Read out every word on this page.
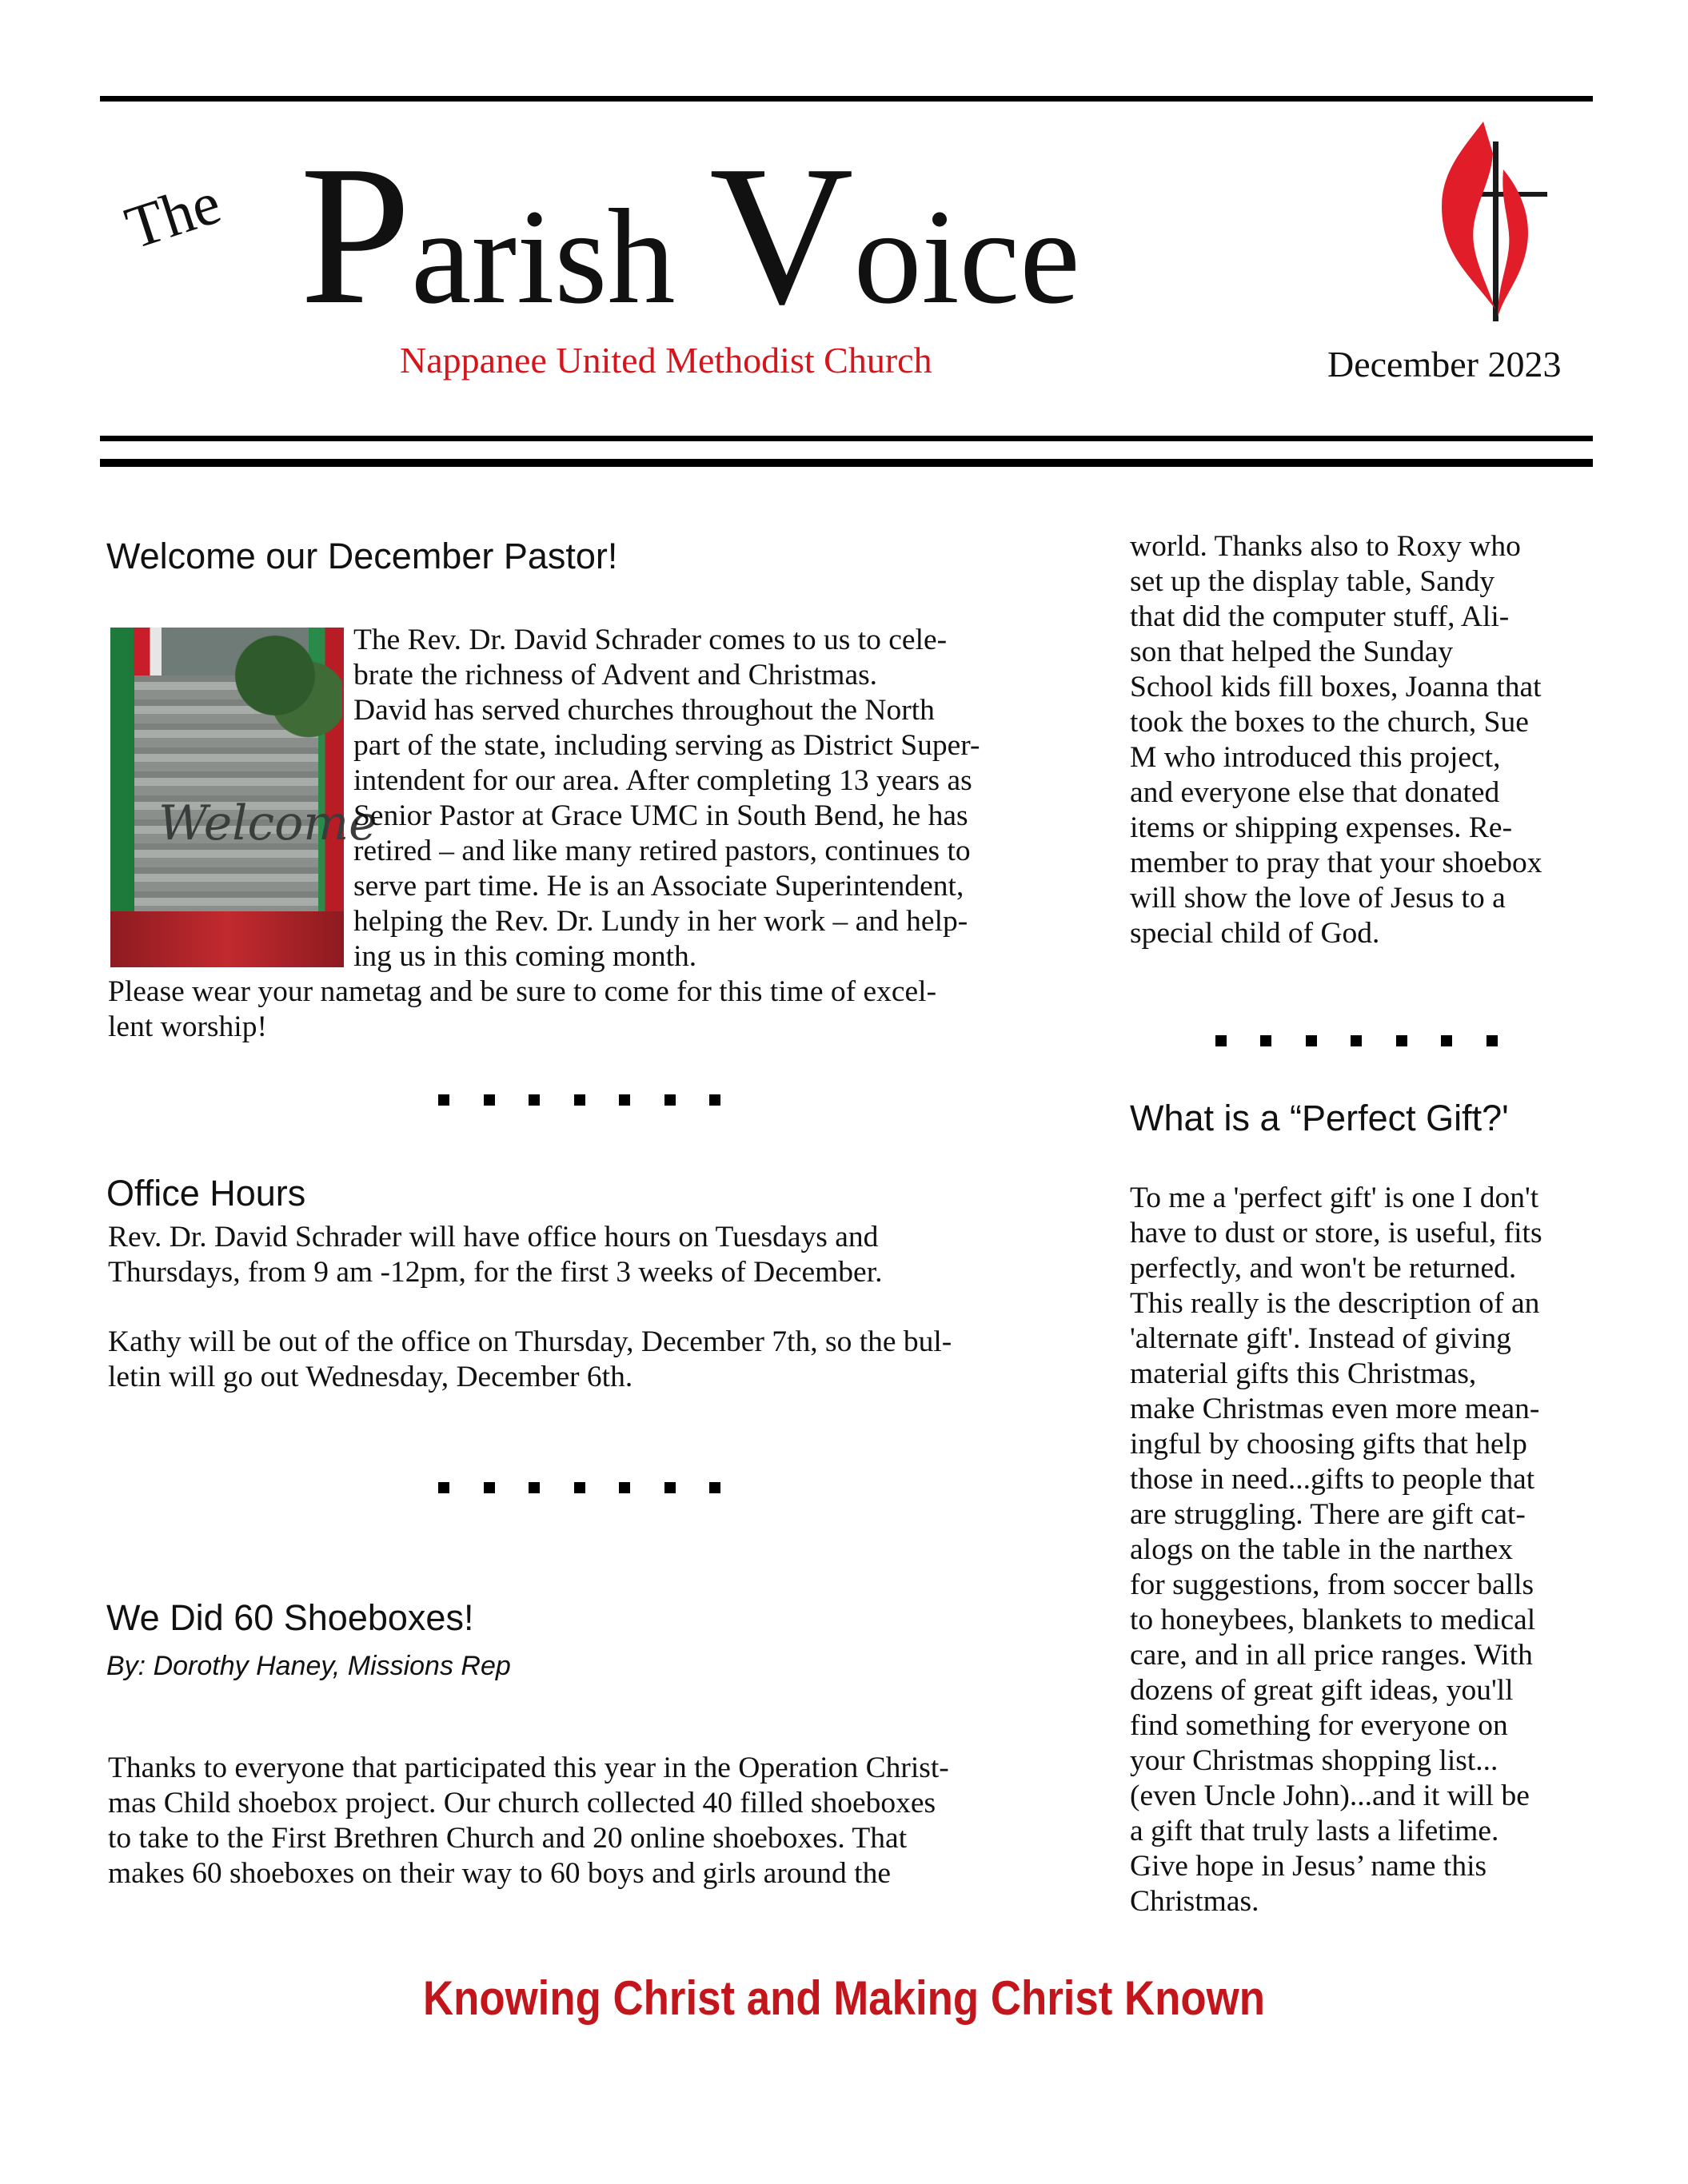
The Parish Voice
Nappanee United Methodist Church	December 2023
Welcome our December Pastor!
Welcome
The Rev. Dr. David Schrader comes to us to cele-
brate the richness of Advent and Christmas.
David has served churches throughout the North
part of the state, including serving as District Super-
intendent for our area. After completing 13 years as
Senior Pastor at Grace UMC in South Bend, he has
retired – and like many retired pastors, continues to
serve part time. He is an Associate Superintendent,
helping the Rev. Dr. Lundy in her work – and help-
ing us in this coming month.
Please wear your nametag and be sure to come for this time of excel-
lent worship!
Office Hours
Rev. Dr. David Schrader will have office hours on Tuesdays and
Thursdays, from 9 am -12pm, for the first 3 weeks of December.
Kathy will be out of the office on Thursday, December 7th, so the bul-
letin will go out Wednesday, December 6th.
We Did 60 Shoeboxes!
By: Dorothy Haney, Missions Rep
Thanks to everyone that participated this year in the Operation Christ-
mas Child shoebox project. Our church collected 40 filled shoeboxes
to take to the First Brethren Church and 20 online shoeboxes. That
makes 60 shoeboxes on their way to 60 boys and girls around the
world. Thanks also to Roxy who
set up the display table, Sandy
that did the computer stuff, Ali-
son that helped the Sunday
School kids fill boxes, Joanna that
took the boxes to the church, Sue
M who introduced this project,
and everyone else that donated
items or shipping expenses. Re-
member to pray that your shoebox
will show the love of Jesus to a
special child of God.
What is a “Perfect Gift?'
To me a 'perfect gift' is one I don't
have to dust or store, is useful, fits
perfectly, and won't be returned.
This really is the description of an
'alternate gift'. Instead of giving
material gifts this Christmas,
make Christmas even more mean-
ingful by choosing gifts that help
those in need...gifts to people that
are struggling. There are gift cat-
alogs on the table in the narthex
for suggestions, from soccer balls
to honeybees, blankets to medical
care, and in all price ranges. With
dozens of great gift ideas, you'll
find something for everyone on
your Christmas shopping list...
(even Uncle John)...and it will be
a gift that truly lasts a lifetime.
Give hope in Jesus’ name this
Christmas.
Knowing Christ and Making Christ Known
